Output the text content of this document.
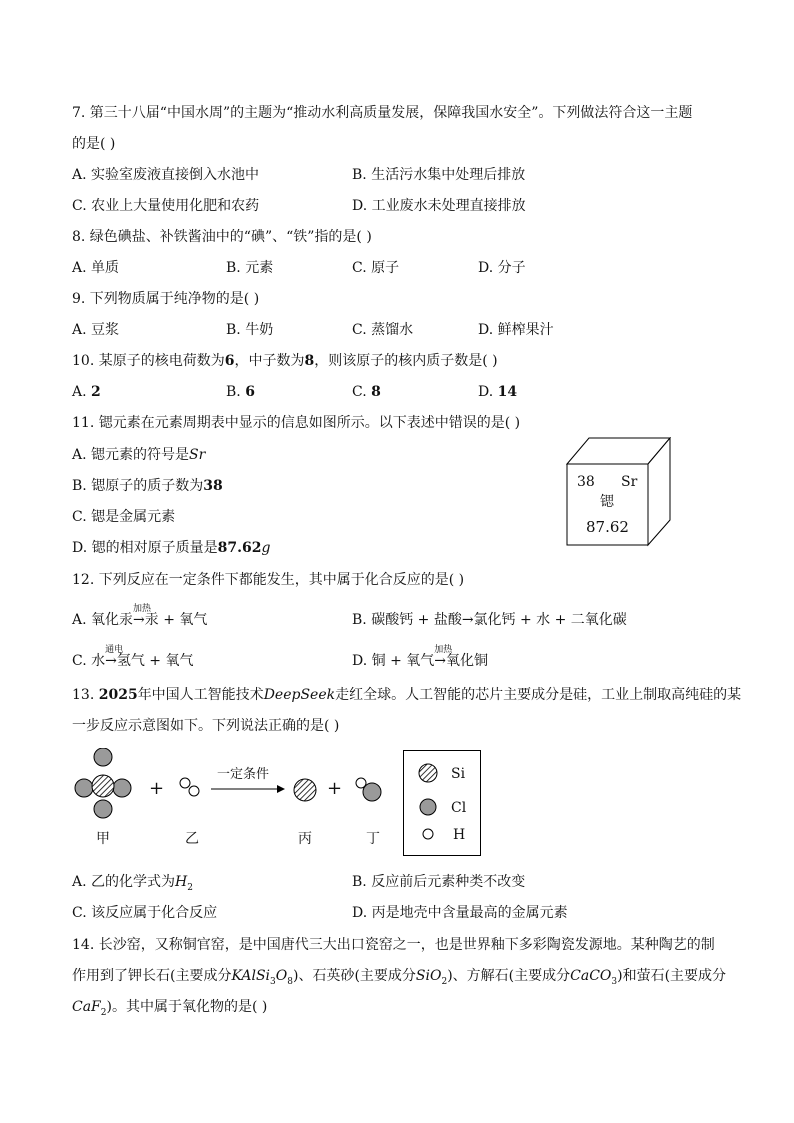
7. 第三十八届“中国水周”的主题为“推动水利高质量发展，保障我国水安全”。下列做法符合这一主题
的是( )
A. 实验室废液直接倒入水池中	B. 生活污水集中处理后排放
C. 农业上大量使用化肥和农药	D. 工业废水未处理直接排放
8. 绿色碘盐、补铁酱油中的“碘”、“铁”指的是( )
A. 单质	B. 元素	C. 原子	D. 分子
9. 下列物质属于纯净物的是( )
A. 豆浆	B. 牛奶	C. 蒸馏水	D. 鲜榨果汁
10. 某原子的核电荷数为6，中子数为8，则该原子的核内质子数是( )
A. 2	B. 6	C. 8	D. 14
11. 锶元素在元素周期表中显示的信息如图所示。以下表述中错误的是( )
A. 锶元素的符号是Sr
B. 锶原子的质子数为38
C. 锶是金属元素
D. 锶的相对原子质量是87.62g
38 Sr
锶
87.62
12. 下列反应在一定条件下都能发生，其中属于化合反应的是( )
A. 氧化汞
加热
→汞 + 氧气	B. 碳酸钙 + 盐酸→氯化钙 + 水 + 二氧化碳
C. 水
通电
→氢气 + 氧气	D. 铜 + 氧气
加热
→氧化铜
13. 2025年中国人工智能技术DeepSeek走红全球。人工智能的芯片主要成分是硅，工业上制取高纯硅的某
一步反应示意图如下。下列说法正确的是( )
+	+
一定条件
甲	乙	丙	丁
Si
Cl
H
A. 乙的化学式为$H_2$	B. 反应前后元素种类不改变
C. 该反应属于化合反应	D. 丙是地壳中含量最高的金属元素
14. 长沙窑，又称铜官窑，是中国唐代三大出口瓷窑之一，也是世界釉下多彩陶瓷发源地。某种陶艺的制
作用到了钾长石(主要成分$KAlSi_3O_8$)、石英砂(主要成分SiO$_2$)、方解石(主要成分CaCO$_3$)和萤石(主要成分
CaF$_2$)。其中属于氧化物的是( )
